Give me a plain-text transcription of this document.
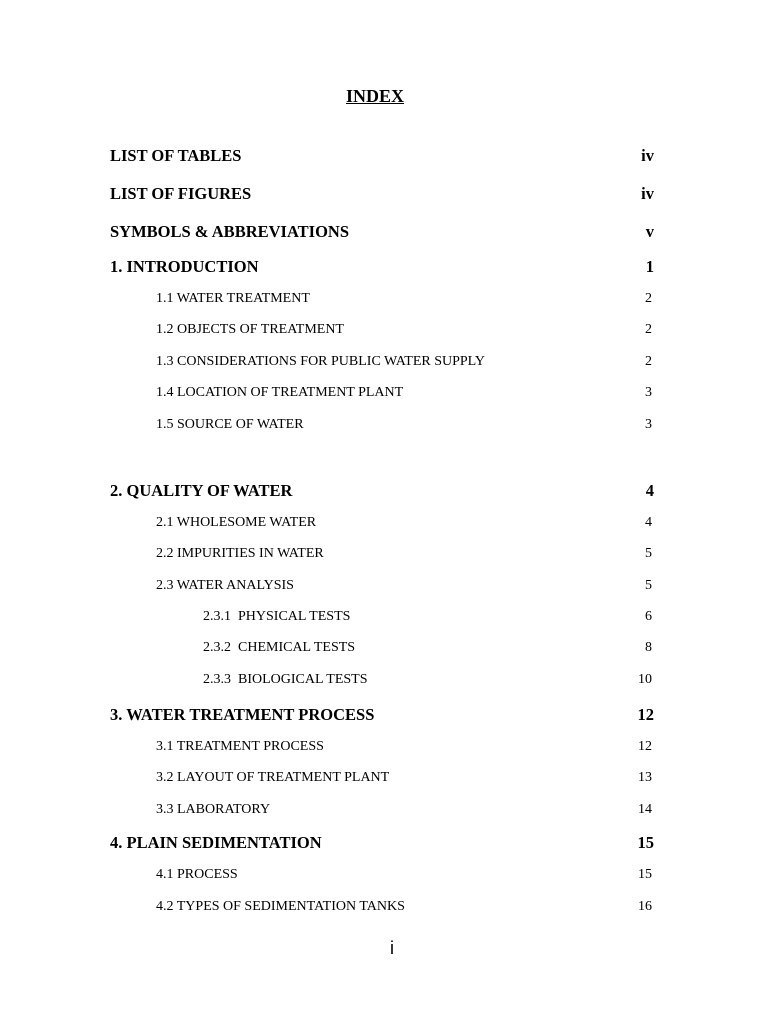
INDEX
LIST OF TABLES	iv
LIST OF FIGURES	iv
SYMBOLS & ABBREVIATIONS	v
1. INTRODUCTION	1
1.1 WATER TREATMENT	2
1.2 OBJECTS OF TREATMENT	2
1.3 CONSIDERATIONS FOR PUBLIC WATER SUPPLY	2
1.4 LOCATION OF TREATMENT PLANT	3
1.5 SOURCE OF WATER	3
2. QUALITY OF WATER	4
2.1 WHOLESOME WATER	4
2.2 IMPURITIES IN WATER	5
2.3 WATER ANALYSIS	5
2.3.1 PHYSICAL TESTS	6
2.3.2 CHEMICAL TESTS	8
2.3.3 BIOLOGICAL TESTS	10
3. WATER TREATMENT PROCESS	12
3.1 TREATMENT PROCESS	12
3.2 LAYOUT OF TREATMENT PLANT	13
3.3 LABORATORY	14
4. PLAIN SEDIMENTATION	15
4.1 PROCESS	15
4.2 TYPES OF SEDIMENTATION TANKS	16
i
